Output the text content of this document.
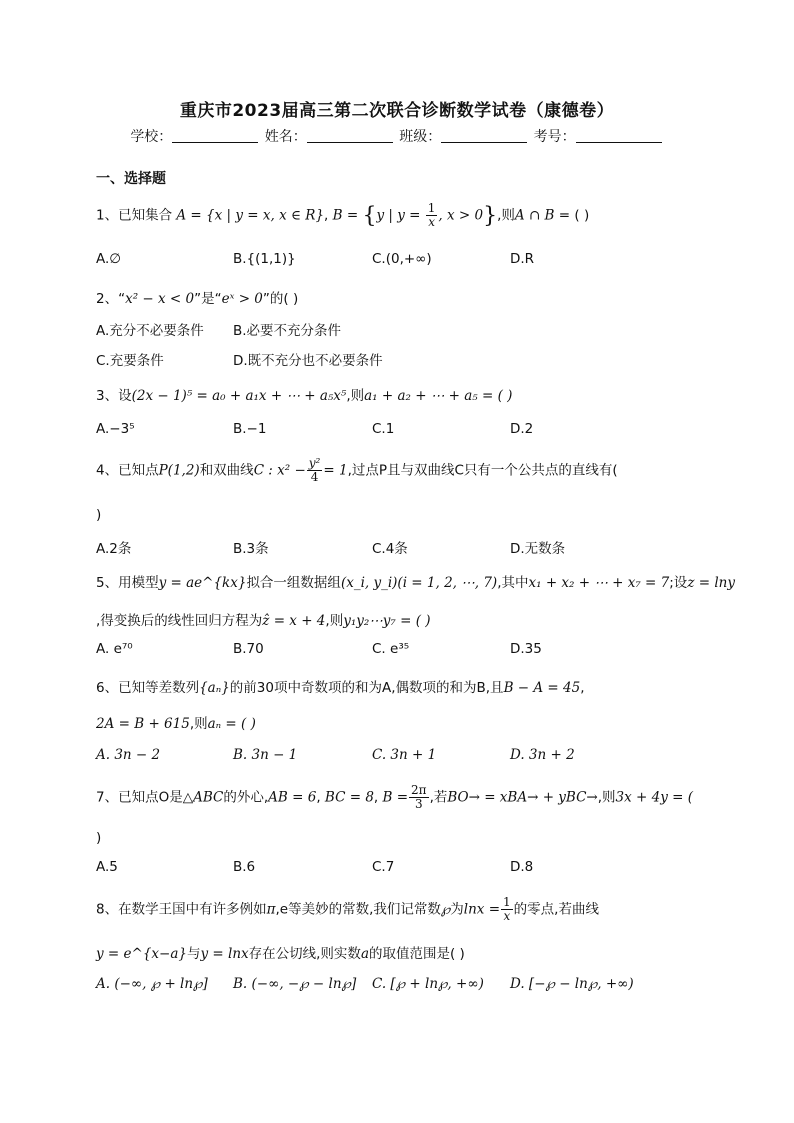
重庆市2023届高三第二次联合诊断数学试卷（康德卷）
学校：	姓名：	班级：	考号：
一、选择题
1、已知集合 A = {x | y = x, x ∈ R}, B = {y | $y = \frac{1}{x}$ , x > 0},则A ∩ B = ( )
A.∅	B.{(1,1)}	C.(0,+∞)	D.R
2、“x² − x < 0”是“eˣ > 0”的( )
A.充分不必要条件 B.必要不充分条件
C.充要条件	D.既不充分也不必要条件
3、设(2x − 1)⁵ = a₀ + a₁x + ⋯ + a₅x⁵,则a₁ + a₂ + ⋯ + a₅ = ( )
A.−3⁵	B.−1	C.1	D.2
4、已知点P(1,2)和双曲线C : $x^2 - \frac{\text{y²}}{4} = 1$,过点P且与双曲线C只有一个公共点的直线有(
)
A.2条	B.3条	C.4条	D.无数条
5、用模型y = ae^{kx}拟合一组数据组(x_i, y_i)(i = 1, 2, ⋯, 7),其中x₁ + x₂ + ⋯ + x₇ = 7;设z = lny
,得变换后的线性回归方程为ẑ = x + 4,则y₁y₂⋯y₇ = ( )
A. e⁷⁰	B.70	C. e³⁵	D.35
6、已知等差数列{aₙ}的前30项中奇数项的和为A,偶数项的和为B,且B − A = 45,
2A = B + 615,则aₙ = ( )
A. 3n − 2	B. 3n − 1	C. 3n + 1	D. 3n + 2
7、已知点O是△ABC的外心,AB = 6, BC = 8, $B = \frac{2\pi}{3}$ ,若BO→ = xBA→ + yBC→,则3x + 4y = (
)
A.5	B.6	C.7	D.8
8、在数学王国中有许多例如π,e等美妙的常数,我们记常数℘为$\ln x = \frac{1}{x}$ 的零点,若曲线
y = e^{x−a}与y = lnx存在公切线,则实数a的取值范围是( )
A. (−∞, ℘ + ln℘] B. (−∞, −℘ − ln℘] C. [℘ + ln℘, +∞) D. [−℘ − ln℘, +∞)
